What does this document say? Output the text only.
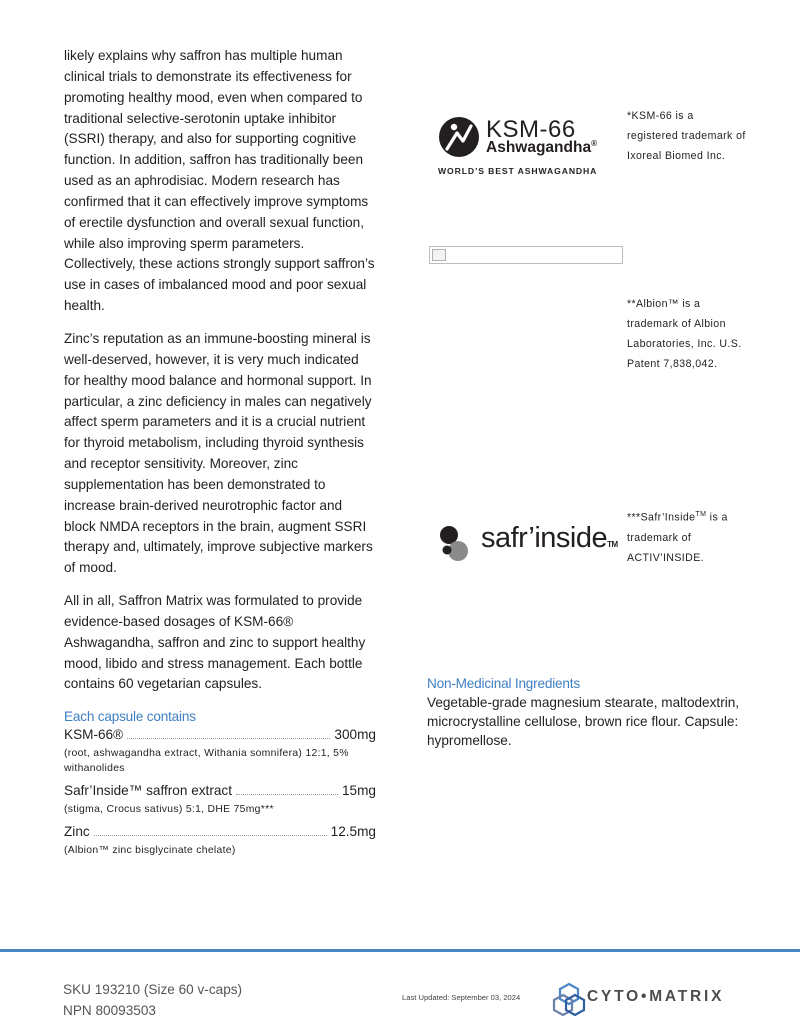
likely explains why saffron has multiple human clinical trials to demonstrate its effectiveness for promoting healthy mood, even when compared to traditional selective-serotonin uptake inhibitor (SSRI) therapy, and also for supporting cognitive function. In addition, saffron has traditionally been used as an aphrodisiac. Modern research has confirmed that it can effectively improve symptoms of erectile dysfunction and overall sexual function, while also improving sperm parameters. Collectively, these actions strongly support saffron’s use in cases of imbalanced mood and poor sexual health.

Zinc’s reputation as an immune-boosting mineral is well-deserved, however, it is very much indicated for healthy mood balance and hormonal support. In particular, a zinc deficiency in males can negatively affect sperm parameters and it is a crucial nutrient for thyroid metabolism, including thyroid synthesis and receptor sensitivity. Moreover, zinc supplementation has been demonstrated to increase brain-derived neurotrophic factor and block NMDA receptors in the brain, augment SSRI therapy and, ultimately, improve subjective markers of mood.

All in all, Saffron Matrix was formulated to provide evidence-based dosages of KSM-66® Ashwagandha, saffron and zinc to support healthy mood, libido and stress management. Each bottle contains 60 vegetarian capsules.

Each capsule contains
KSM-66®	300mg
(root, ashwagandha extract, Withania somnifera) 12:1, 5% withanolides
Safr’Inside™ saffron extract	15mg
(stigma, Crocus sativus) 5:1, DHE 75mg***
Zinc	12.5mg
(Albion™ zinc bisglycinate chelate)
KSM-66
Ashwagandha®
WORLD’S BEST ASHWAGANDHA
*KSM-66 is a registered trademark of Ixoreal Biomed Inc.
**Albion™ is a trademark of Albion Laboratories, Inc. U.S. Patent 7,838,042.
safr’insideTM
***Safr’Inside™ is a trademark of ACTIV’INSIDE.
Non-Medicinal Ingredients
Vegetable-grade magnesium stearate, maltodextrin, microcrystalline cellulose, brown rice flour. Capsule: hypromellose.
SKU 193210 (Size 60 v-caps)
NPN 80093503
Last Updated: September 03, 2024	CYTO•MATRIX
